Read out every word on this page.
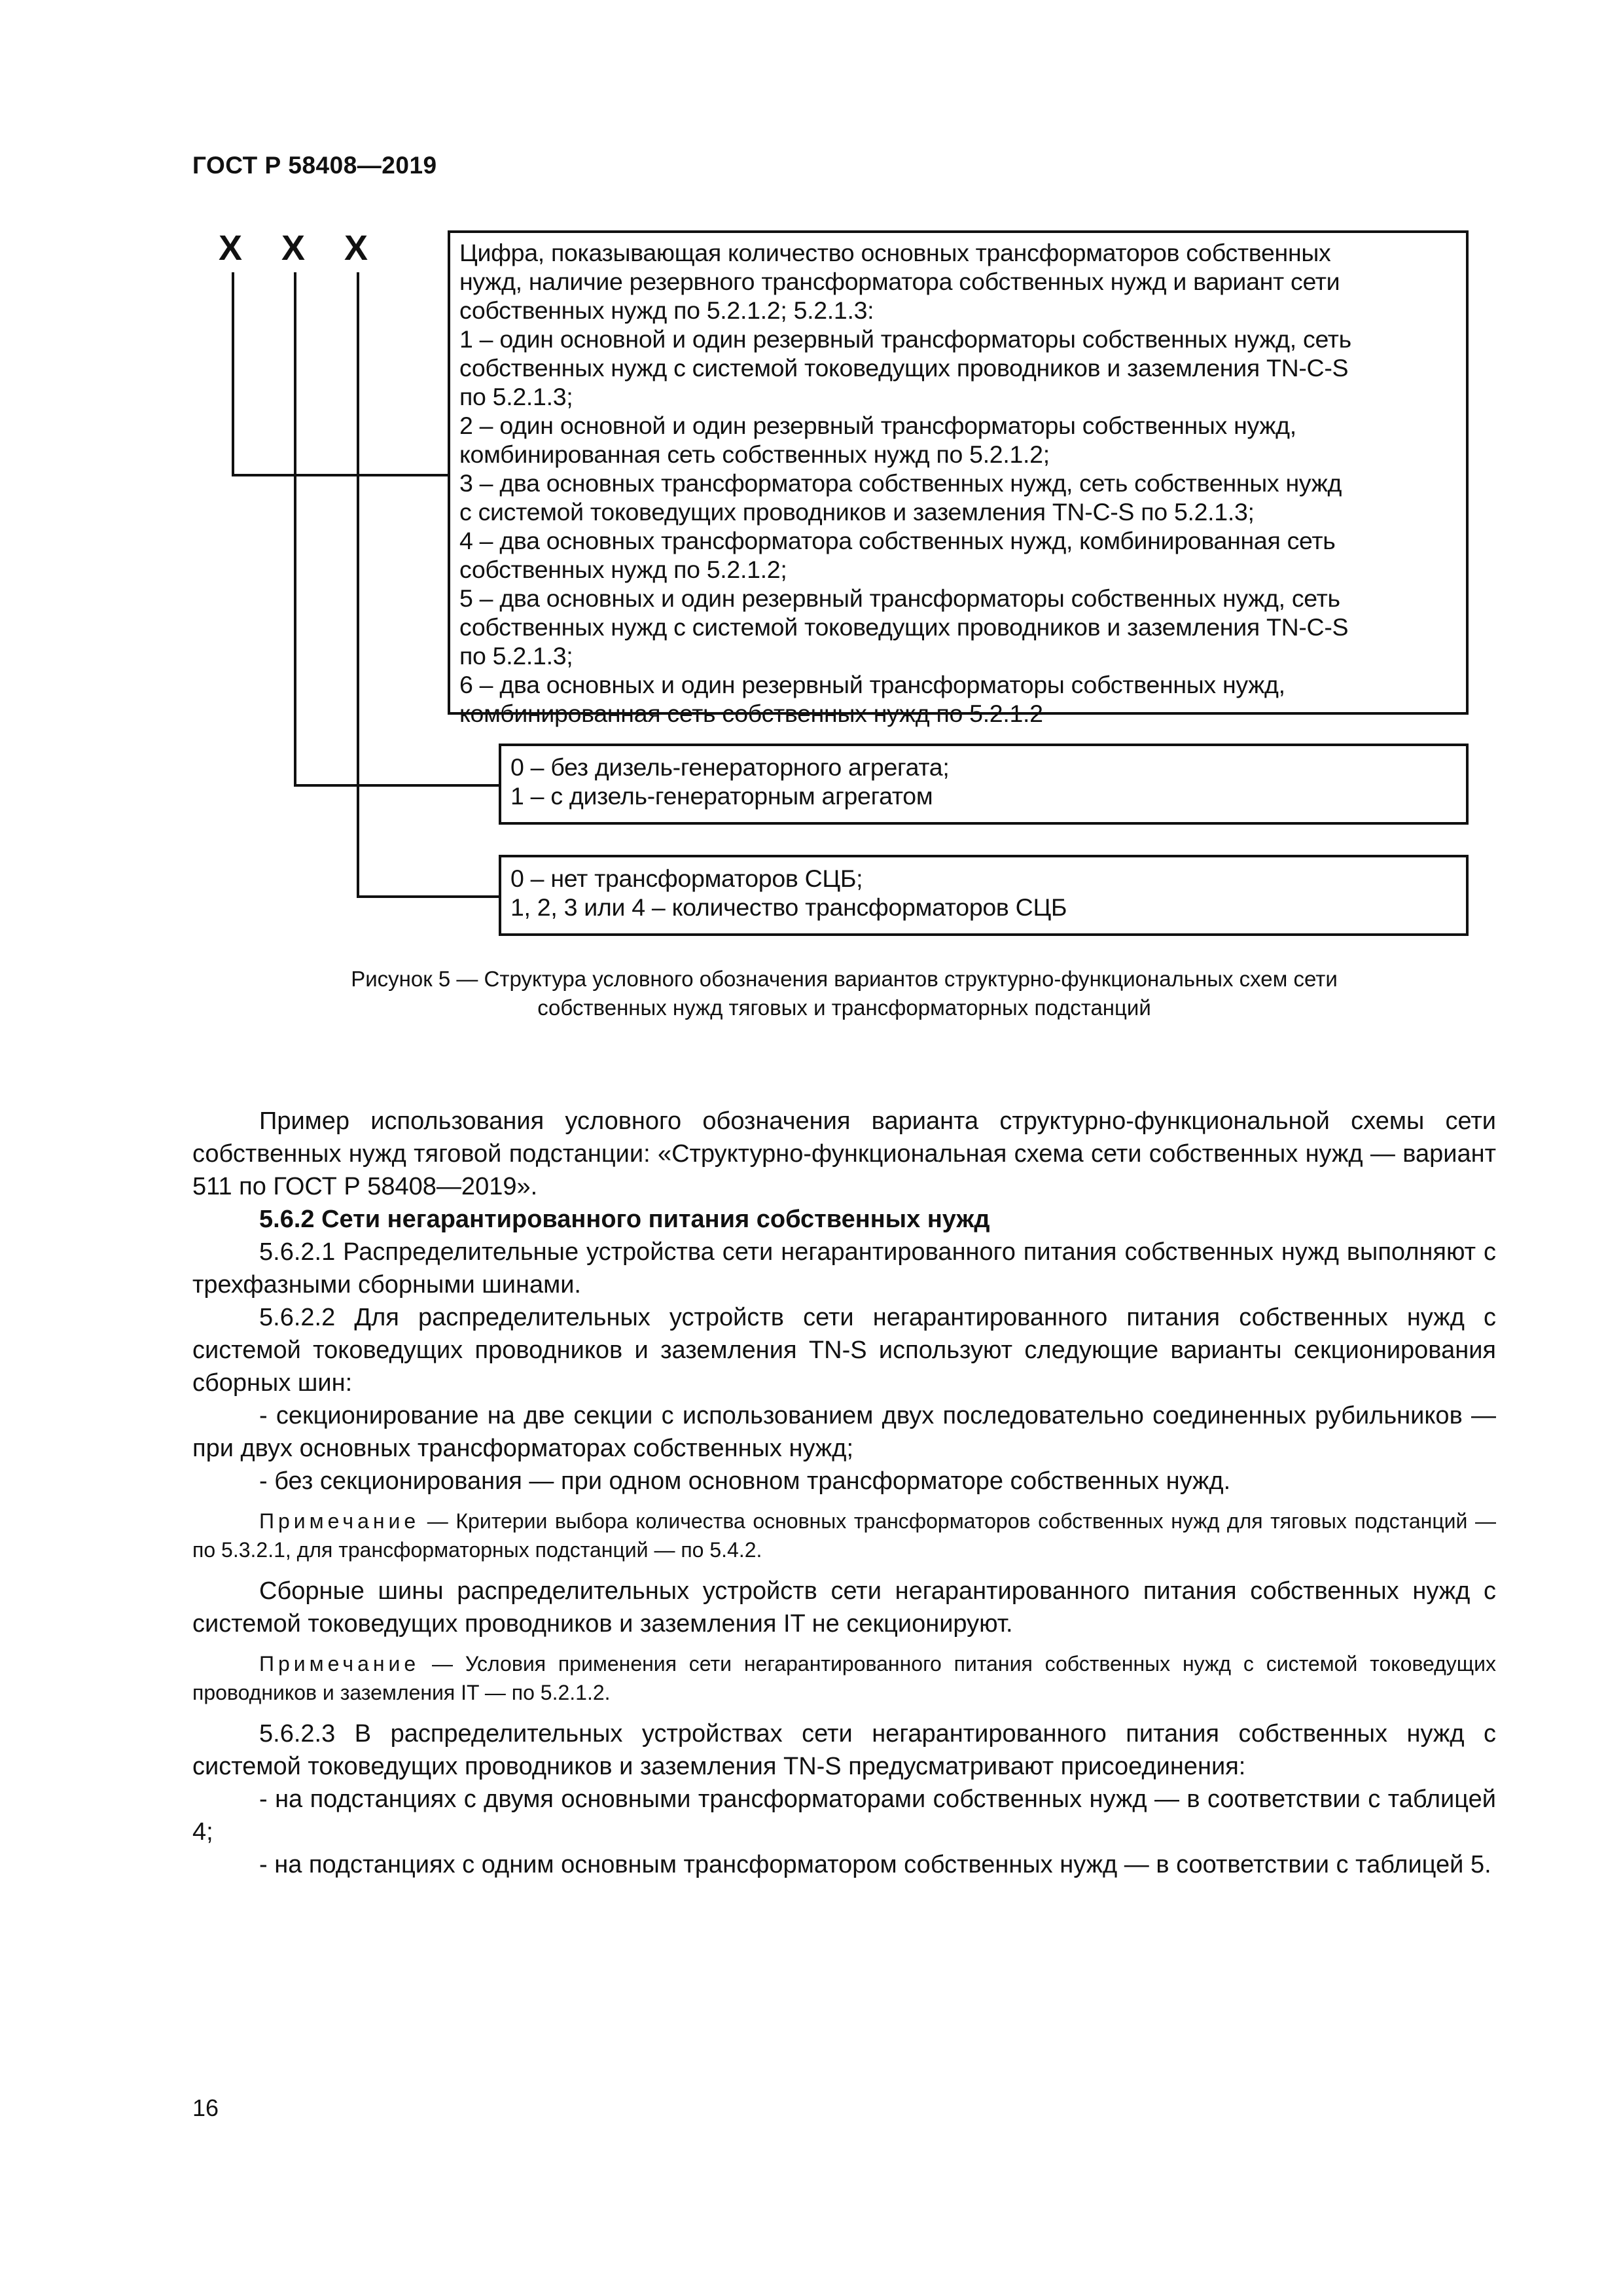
ГОСТ Р 58408—2019
X X X	Цифра, показывающая количество основных трансформаторов собственных

нужд, наличие резервного трансформатора собственных нужд и вариант сети

собственных нужд по 5.2.1.2; 5.2.1.3:

1 – один основной и один резервный трансформаторы собственных нужд, сеть

собственных нужд с системой токоведущих проводников и заземления TN-C-S

по 5.2.1.3;

2 – один основной и один резервный трансформаторы собственных нужд,

комбинированная сеть собственных нужд по 5.2.1.2;

3 – два основных трансформатора собственных нужд, сеть собственных нужд

с системой токоведущих проводников и заземления TN-C-S по 5.2.1.3;

4 – два основных трансформатора собственных нужд, комбинированная сеть

собственных нужд по 5.2.1.2;

5 – два основных и один резервный трансформаторы собственных нужд, сеть

собственных нужд с системой токоведущих проводников и заземления TN-C-S

по 5.2.1.3;

6 – два основных и один резервный трансформаторы собственных нужд,

комбинированная сеть собственных нужд по 5.2.1.2

0 – без дизель-генераторного агрегата;

1 – с дизель-генераторным агрегатом

0 – нет трансформаторов СЦБ;

1, 2, 3 или 4 – количество трансформаторов СЦБ

Рисунок 5 — Структура условного обозначения вариантов структурно-функциональных схем сети

собственных нужд тяговых и трансформаторных подстанций

Пример использования условного обозначения варианта структурно-функциональной схемы сети собственных нужд тяговой подстанции: «Структурно-функциональная схема сети собственных нужд — вариант 511 по ГОСТ Р 58408—2019».

5.6.2 Сети негарантированного питания собственных нужд

5.6.2.1 Распределительные устройства сети негарантированного питания собственных нужд выполняют с трехфазными сборными шинами.

5.6.2.2 Для распределительных устройств сети негарантированного питания собственных нужд с системой токоведущих проводников и заземления TN-S используют следующие варианты секционирования сборных шин:

- секционирование на две секции с использованием двух последовательно соединенных рубильников — при двух основных трансформаторах собственных нужд;

- без секционирования — при одном основном трансформаторе собственных нужд.

Примечание — Критерии выбора количества основных трансформаторов собственных нужд для тяговых подстанций — по 5.3.2.1, для трансформаторных подстанций — по 5.4.2.

Сборные шины распределительных устройств сети негарантированного питания собственных нужд с системой токоведущих проводников и заземления IT не секционируют.

Примечание — Условия применения сети негарантированного питания собственных нужд с системой токоведущих проводников и заземления IT — по 5.2.1.2.

5.6.2.3 В распределительных устройствах сети негарантированного питания собственных нужд с системой токоведущих проводников и заземления TN-S предусматривают присоединения:

- на подстанциях с двумя основными трансформаторами собственных нужд — в соответствии с таблицей 4;

- на подстанциях с одним основным трансформатором собственных нужд — в соответствии с таблицей 5.

16
